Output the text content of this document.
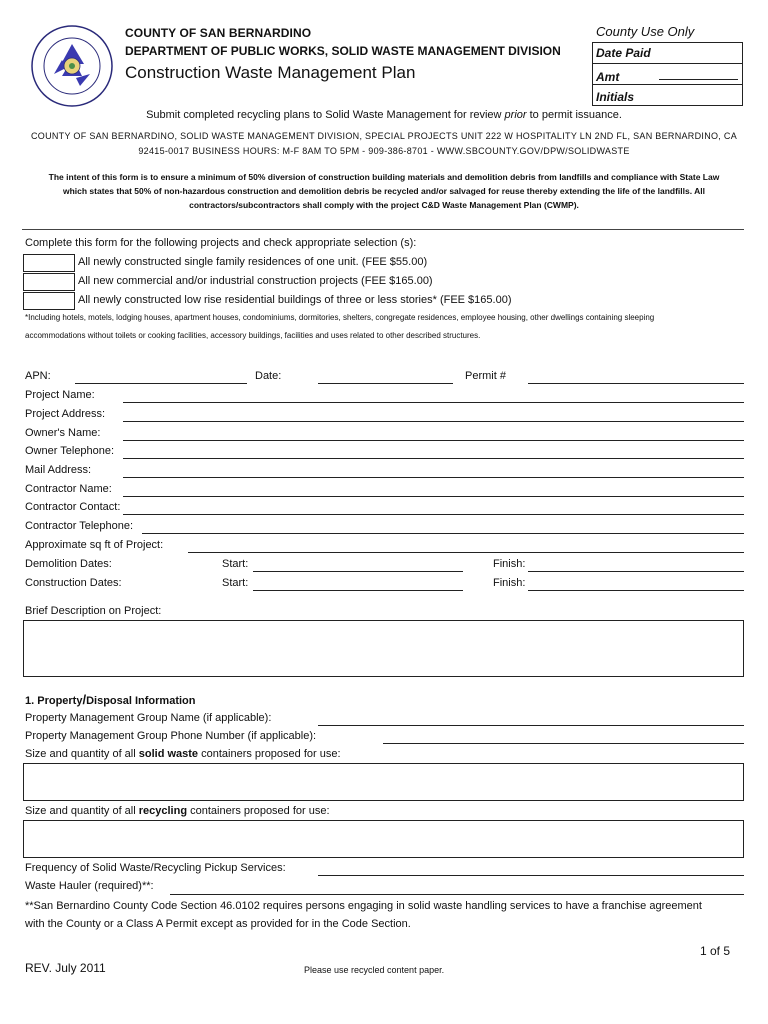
COUNTY OF SAN BERNARDINO
DEPARTMENT OF PUBLIC WORKS, SOLID WASTE MANAGEMENT DIVISION
Construction Waste Management Plan
County Use Only
Date Paid
Amt
Initials
Submit completed recycling plans to Solid Waste Management for review prior to permit issuance.
COUNTY OF SAN BERNARDINO, SOLID WASTE MANAGEMENT DIVISION, SPECIAL PROJECTS UNIT 222 W HOSPITALITY LN 2ND FL, SAN BERNARDINO, CA
92415-0017 BUSINESS HOURS: M-F 8AM TO 5PM - 909-386-8701 - WWW.SBCOUNTY.GOV/DPW/SOLIDWASTE
The intent of this form is to ensure a minimum of 50% diversion of construction building materials and demolition debris from landfills and compliance with State Law
which states that 50% of non-hazardous construction and demolition debris be recycled and/or salvaged for reuse thereby extending the life of the landfills. All
contractors/subcontractors shall comply with the project C&D Waste Management Plan (CWMP).
Complete this form for the following projects and check appropriate selection (s):
All newly constructed single family residences of one unit. (FEE $55.00)
All new commercial and/or industrial construction projects (FEE $165.00)
All newly constructed low rise residential buildings of three or less stories* (FEE $165.00)
*Including hotels, motels, lodging houses, apartment houses, condominiums, dormitories, shelters, congregate residences, employee housing, other dwellings containing sleeping
accommodations without toilets or cooking facilities, accessory buildings, facilities and uses related to other described structures.
APN:	Date:	Permit #
Project Name:
Project Address:
Owner's Name:
Owner Telephone:
Mail Address:
Contractor Name:
Contractor Contact:
Contractor Telephone:
Approximate sq ft of Project:
Demolition Dates:	Start:	Finish:
Construction Dates:	Start:	Finish:
Brief Description on Project:
1. Property/Disposal Information
Property Management Group Name (if applicable):
Property Management Group Phone Number (if applicable):
Size and quantity of all solid waste containers proposed for use:
Size and quantity of all recycling containers proposed for use:
Frequency of Solid Waste/Recycling Pickup Services:
Waste Hauler (required)**:
**San Bernardino County Code Section 46.0102 requires persons engaging in solid waste handling services to have a franchise agreement
with the County or a Class A Permit except as provided for in the Code Section.
1 of 5
REV. July 2011	Please use recycled content paper.
